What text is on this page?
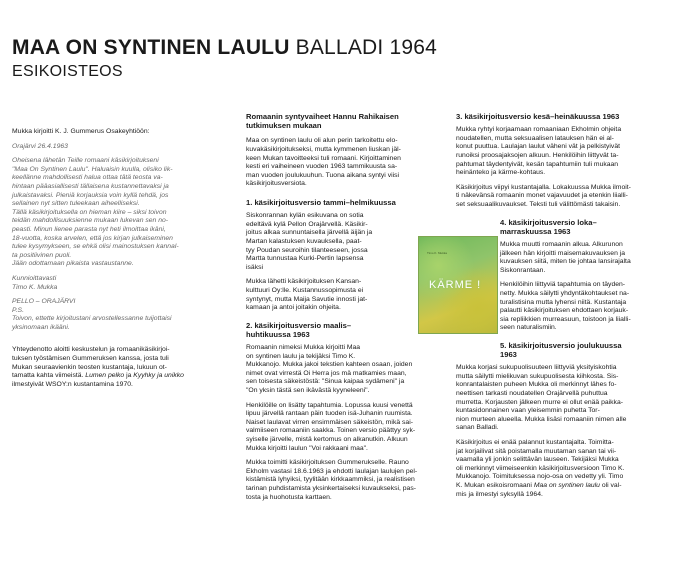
MAA ON SYNTINEN LAULU BALLADI 1964
ESIKOISTEOS

Mukka kirjoitti K. J. Gummerus Osakeyhtiöön:

Orajärvi 26.4.1963

Oheisena lähetän Teille romaani käsikirjoitukseni
"Maa On Syntinen Laulu". Haluaisin kuulla, olisiko lik-
keellänne mahdollisesti halua ottaa tätä teosta va-
hintaan pääasiallisesti tällaisena kustannettavaksi ja
julkaistavaksi. Pieniä korjauksia voin kyllä tehdä, jos
sellainen nyt sitten tuleekaan aiheelliseksi.
Tällä käsikirjoituksella on hieman kiire – siksi toivon
teidän mahdollisuuksienne mukaan lukevan sen no-
peasti. Minun lienee parasta nyt heti ilmoittaa ikäni,
18-vuotta, koska arvelen, että jos kirjan julkaiseminen
tulee kysymykseen, se ehkä olisi mainostuksen kannal-
ta positiivinen puoli.
Jään odottamaan pikaista vastaustanne.

Kunnioittavasti
Timo K. Mukka

PELLO – ORAJÄRVI
P.S.
Toivon, ettette kirjoitustani arvostellessanne tuijottaisi
yksinomaan ikääni.

Yhteydenotto aloitti keskustelun ja romaanikäsikirjoi-
tuksen työstämisen Gummeruksen kanssa, josta tuli
Mukan seuraavienkin teosten kustantaja, lukuun ot-
tamatta kahta viimeistä. Lumen pelko ja Kyyhky ja unikko
ilmestyivät WSOY:n kustantamina 1970.

Romaanin syntyvaiheet Hannu Rahikaisen
tutkimuksen mukaan

Maa on syntinen laulu oli alun perin tarkoitettu elo-
kuvakäsikirjoitukseksi, mutta kymmenen liuskan jäl-
keen Mukan tavoitteeksi tuli romaani. Kirjoittaminen
kesti eri vaiheineen vuoden 1963 tammikuusta sa-
man vuoden joulukuuhun. Tuona aikana syntyi viisi
käsikirjoitusversiota.

1. käsikirjoitusversio tammi–helmikuussa

Siskonrannan kylän esikuvana on sotia
edeltävä kylä Pellon Orajärvellä. Käsikir-
joitus alkaa sunnuntaisella järvellä äijän ja
Martan kalastuksen kuvauksella, paat-
tyy Poudan seuroihin tilanteeseen, jossa
Martta tunnustaa Kurki-Pertin lapsensa
isäksi

Mukka lähetti käsikirjoituksen Kansan-
kulttuuri Oy:lle. Kustannussopimusta ei
syntynyt, mutta Maija Savutie innosti jat-
kamaan ja antoi joitakin ohjeita.

2. käsikirjoitusversio maalis–
huhtikuussa 1963

Romaanin nimeksi Mukka kirjoitti Maa
on syntinen laulu ja tekijäksi Timo K.
Mukkanojo. Mukka jakoi tekstien kahteen osaan, joiden
nimet ovat virrestä Oi Herra jos mä matkamies maan,
sen toisesta säkeistöstä: "Sinua kaipaa sydämeni" ja
"On yksin tästä sen ikävästä kyyneleeni".

Henkilöille on lisätty tapahtumia. Lopussa kuusi venettä
lipuu järvellä rantaan päin tuoden isä-Juhanin ruumista.
Naiset laulavat virren ensimmäisen säkeistön, mikä sai-
valmiiseen romaaniin saakka. Toinen versio päättyy syk-
syiselle järvelle, mistä kertomus on alkanutkin. Alkuun
Mukka kirjoitti laulun "Voi rakkaani maa".

Mukka toimitti käsikirjoituksen Gummerukselle. Rauno
Ekholm vastasi 18.6.1963 ja ehdotti laulajan laulujen pel-
kistämistä lyhyiksi, tyylitään kirkkaammiksi, ja realistisen
tarinan puhdistamista yksinkertaiseksi kuvaukseksi, pas-
tosta ja huohotusta karttaen.

Timo K. Mukka
KÄRME !
3. käsikirjoitusversio kesä–heinäkuussa 1963

Mukka ryhtyi korjaamaan romaaniaan Ekholmin ohjeita
noudatellen, mutta seksuaalisen latauksen hän ei al-
konut puuttua. Laulajan laulut väheni vät ja pelkistyivät
runoiksi proosajaksojen alkuun. Henkilöihin liittyvät ta-
pahtumat täydentyivät, kesän tapahtumiin tuli mukaan
heinänteko ja kärme-kohtaus.

Käsikirjoitus viipyi kustantajalla. Lokakuussa Mukka ilmoit-
ti näkevänsä romaanin monet vajavuudet ja etenkin liialli-
set seksuaalikuvaukset. Teksti tuli välittömästi takaisin.

4. käsikirjoitusversio loka–
marraskuussa 1963

Mukka muutti romaanin alkua. Alkurunon
jälkeen hän kirjoitti maisemakuvauksen ja
kuvauksen siitä, miten tie johtaa lansirajalta
Siskonrantaan.

Henkilöihin liittyviä tapahtumia on täyden-
netty. Mukka säilytti yhdyntäkohtaukset na-
turalistisina mutta lyhensi niitä. Kustantaja
palautti käsikirjoituksen ehdottaen korjauk-
sia repliikkien murreasuun, toistoon ja liialli-
seen naturalismiin.

5. käsikirjoitusversio joulukuussa
1963

Mukka korjasi sukupuolisuuteen liittyviä yksityiskohtia
mutta säilytti mielikuvan sukupuolisesta kiihkosta. Sis-
konrantalaisten puheen Mukka oli merkinnyt lähes fo-
neettisen tarkasti noudatellen Orajärvellä puhuttua
murretta. Korjausten jälkeen murre ei ollut enää paikka-
kuntasidonnainen vaan yleisemmin puhetta Tor-
nion murteen alueella. Mukka lisäsi romaaniin nimen alle
sanan Balladi.

Käsikirjoitus ei enää palannut kustantajalta. Toimitta-
jat korjailivat sitä poistamalla muutaman sanan tai vii-
vaamalla yli jonkin selittävän lauseen. Tekijäksi Mukka
oli merkinnyt viimeiseenkin käsikirjoitusversioon Timo K.
Mukkanojo. Toimituksessa nojo-osa on vedetty yli. Timo
K. Mukan esikoisromaani Maa on syntinen laulu oli val-
mis ja ilmestyi syksyllä 1964.
